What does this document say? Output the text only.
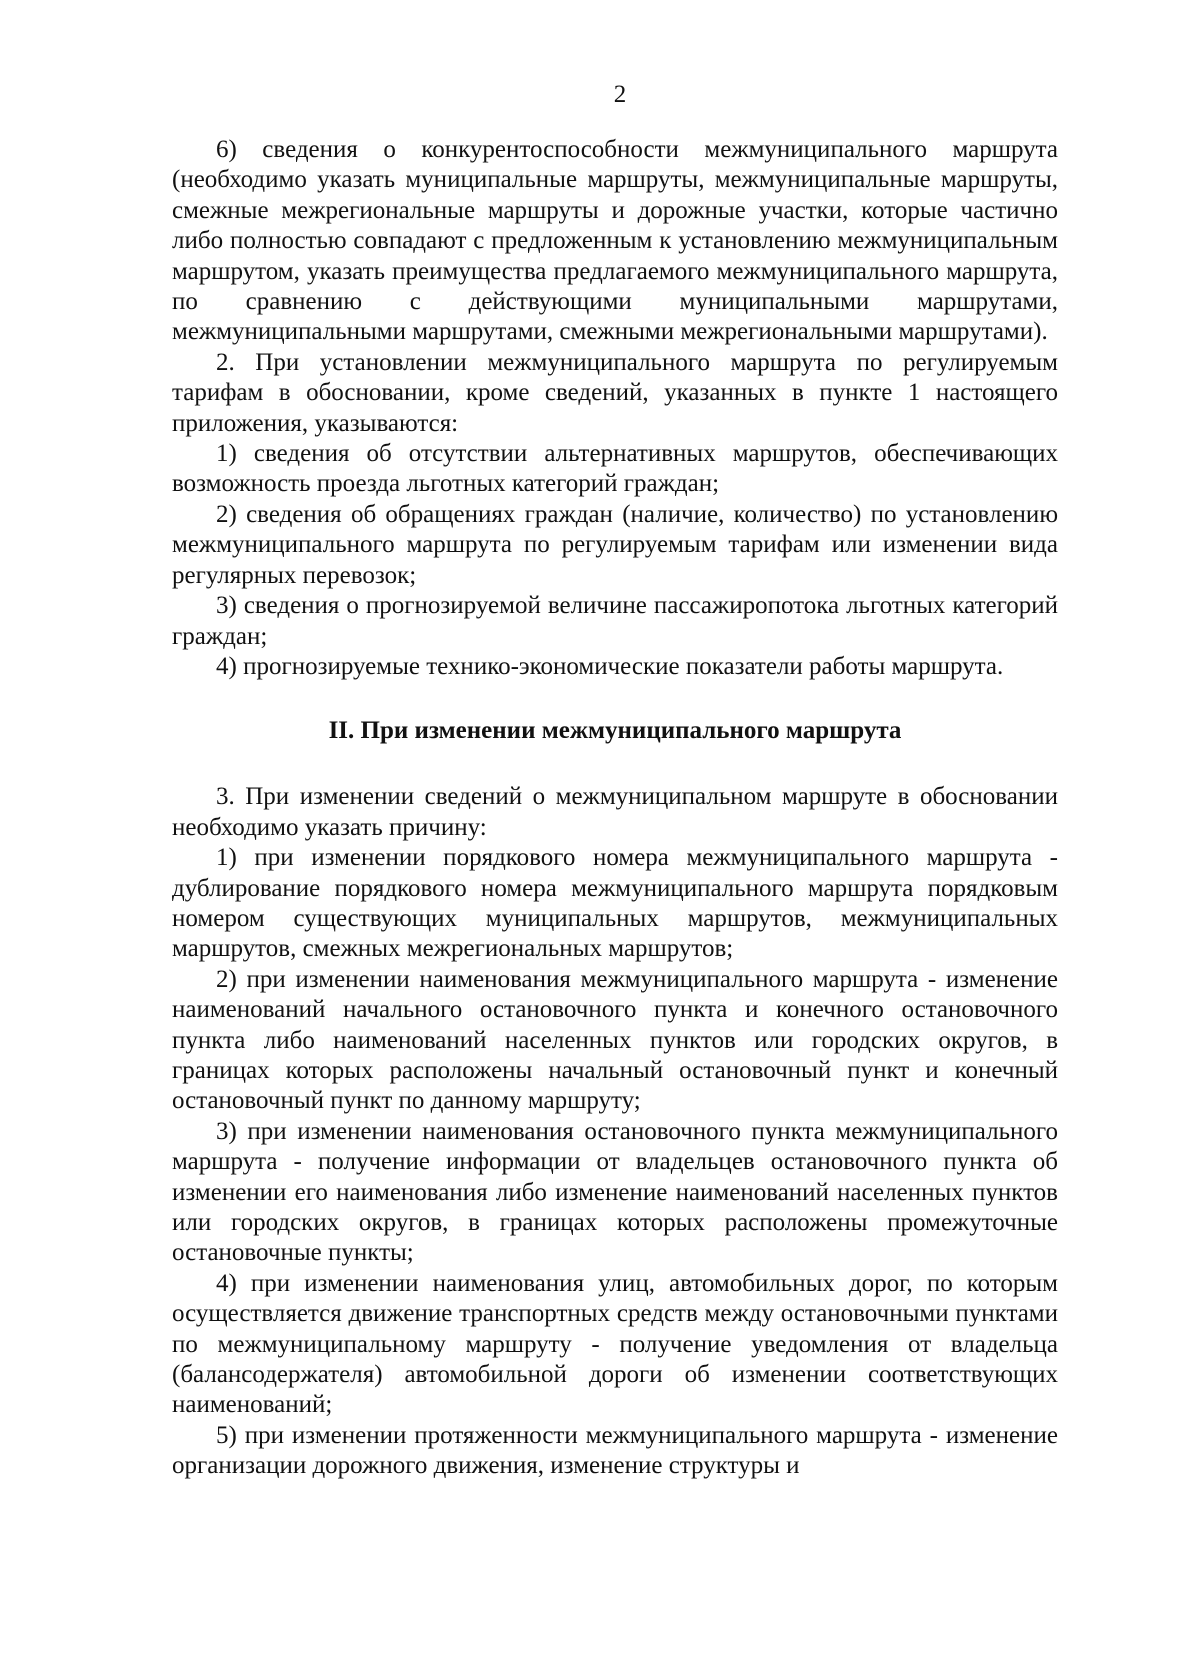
2

6) сведения о конкурентоспособности межмуниципального маршрута (необходимо указать муниципальные маршруты, межмуниципальные маршруты, смежные межрегиональные маршруты и дорожные участки, которые частично либо полностью совпадают с предложенным к установлению межмуниципальным маршрутом, указать преимущества предлагаемого межмуниципального маршрута, по сравнению с действующими муниципальными маршрутами, межмуниципальными маршрутами, смежными межрегиональными маршрутами).

2. При установлении межмуниципального маршрута по регулируемым тарифам в обосновании, кроме сведений, указанных в пункте 1 настоящего приложения, указываются:

1) сведения об отсутствии альтернативных маршрутов, обеспечивающих возможность проезда льготных категорий граждан;

2) сведения об обращениях граждан (наличие, количество) по установлению межмуниципального маршрута по регулируемым тарифам или изменении вида регулярных перевозок;

3) сведения о прогнозируемой величине пассажиропотока льготных категорий граждан;

4) прогнозируемые технико-экономические показатели работы маршрута.

II. При изменении межмуниципального маршрута

3. При изменении сведений о межмуниципальном маршруте в обосновании необходимо указать причину:

1) при изменении порядкового номера межмуниципального маршрута - дублирование порядкового номера межмуниципального маршрута порядковым номером существующих муниципальных маршрутов, межмуниципальных маршрутов, смежных межрегиональных маршрутов;

2) при изменении наименования межмуниципального маршрута - изменение наименований начального остановочного пункта и конечного остановочного пункта либо наименований населенных пунктов или городских округов, в границах которых расположены начальный остановочный пункт и конечный остановочный пункт по данному маршруту;

3) при изменении наименования остановочного пункта межмуниципального маршрута - получение информации от владельцев остановочного пункта об изменении его наименования либо изменение наименований населенных пунктов или городских округов, в границах которых расположены промежуточные остановочные пункты;

4) при изменении наименования улиц, автомобильных дорог, по которым осуществляется движение транспортных средств между остановочными пунктами по межмуниципальному маршруту - получение уведомления от владельца (балансодержателя) автомобильной дороги об изменении соответствующих наименований;

5) при изменении протяженности межмуниципального маршрута - изменение организации дорожного движения, изменение структуры и
